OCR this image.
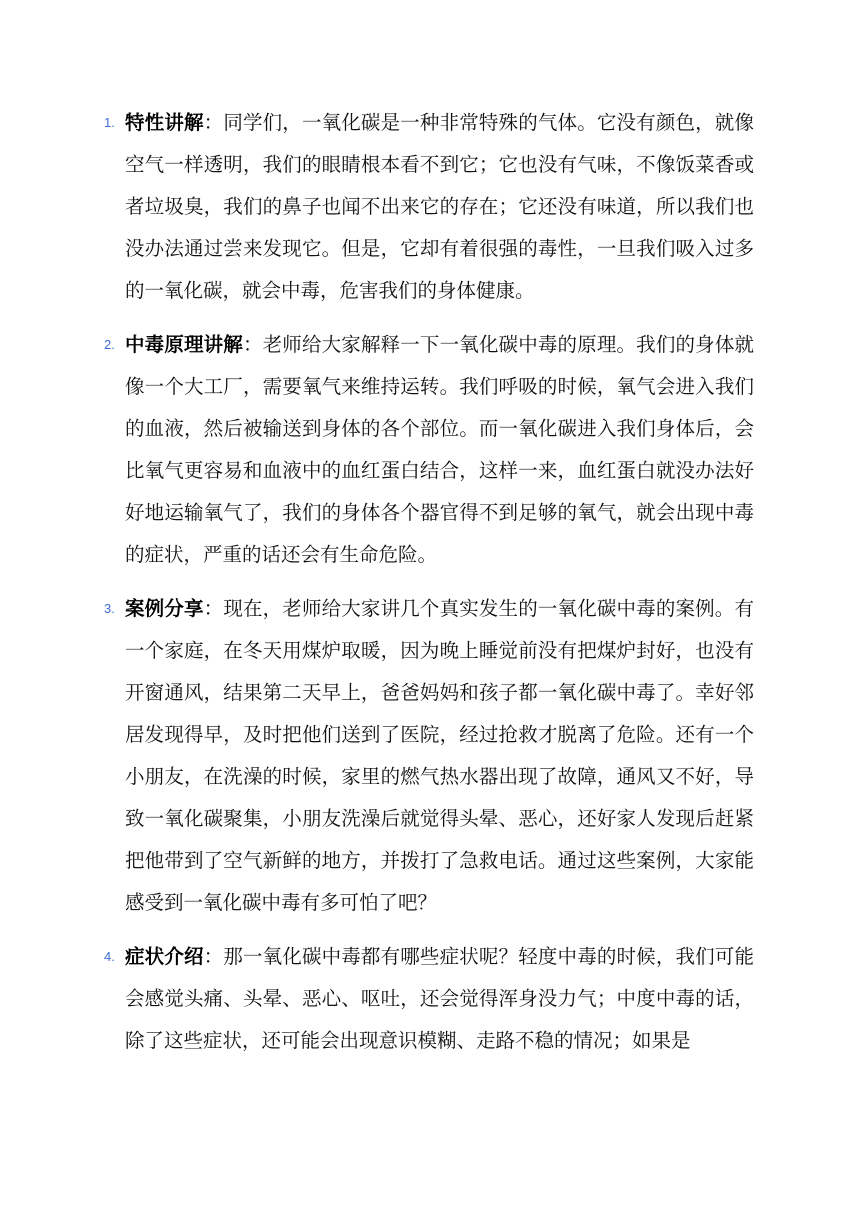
1. 特性讲解：同学们，一氧化碳是一种非常特殊的气体。它没有颜色，就像空气一样透明，我们的眼睛根本看不到它；它也没有气味，不像饭菜香或者垃圾臭，我们的鼻子也闻不出来它的存在；它还没有味道，所以我们也没办法通过尝来发现它。但是，它却有着很强的毒性，一旦我们吸入过多的一氧化碳，就会中毒，危害我们的身体健康。
2. 中毒原理讲解：老师给大家解释一下一氧化碳中毒的原理。我们的身体就像一个大工厂，需要氧气来维持运转。我们呼吸的时候，氧气会进入我们的血液，然后被输送到身体的各个部位。而一氧化碳进入我们身体后，会比氧气更容易和血液中的血红蛋白结合，这样一来，血红蛋白就没办法好好地运输氧气了，我们的身体各个器官得不到足够的氧气，就会出现中毒的症状，严重的话还会有生命危险。
3. 案例分享：现在，老师给大家讲几个真实发生的一氧化碳中毒的案例。有一个家庭，在冬天用煤炉取暖，因为晚上睡觉前没有把煤炉封好，也没有开窗通风，结果第二天早上，爸爸妈妈和孩子都一氧化碳中毒了。幸好邻居发现得早，及时把他们送到了医院，经过抢救才脱离了危险。还有一个小朋友，在洗澡的时候，家里的燃气热水器出现了故障，通风又不好，导致一氧化碳聚集，小朋友洗澡后就觉得头晕、恶心，还好家人发现后赶紧把他带到了空气新鲜的地方，并拨打了急救电话。通过这些案例，大家能感受到一氧化碳中毒有多可怕了吧？
4. 症状介绍：那一氧化碳中毒都有哪些症状呢？轻度中毒的时候，我们可能会感觉头痛、头晕、恶心、呕吐，还会觉得浑身没力气；中度中毒的话，除了这些症状，还可能会出现意识模糊、走路不稳的情况；如果是
